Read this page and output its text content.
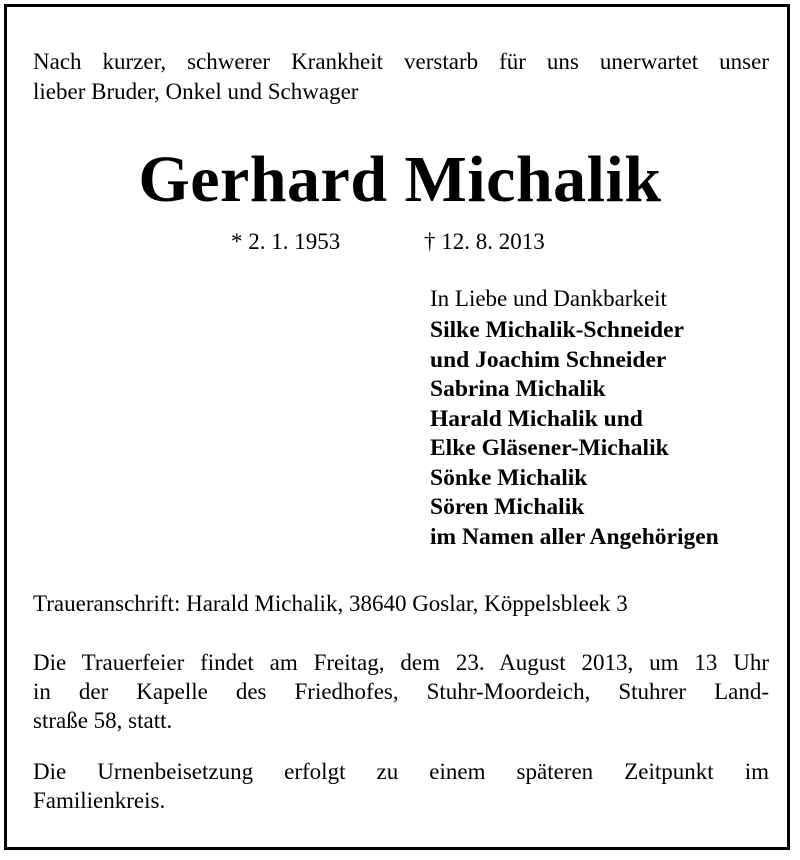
Nach kurzer, schwerer Krankheit verstarb für uns unerwartet unser
lieber Bruder, Onkel und Schwager
Gerhard Michalik
* 2. 1. 1953	† 12. 8. 2013
In Liebe und Dankbarkeit
Silke Michalik-Schneider
und Joachim Schneider
Sabrina Michalik
Harald Michalik und
Elke Gläsener-Michalik
Sönke Michalik
Sören Michalik
im Namen aller Angehörigen
Traueranschrift: Harald Michalik, 38640 Goslar, Köppelsbleek 3
Die Trauerfeier findet am Freitag, dem 23. August 2013, um 13 Uhr
in der Kapelle des Friedhofes, Stuhr-Moordeich, Stuhrer Land-
straße 58, statt.
Die Urnenbeisetzung erfolgt zu einem späteren Zeitpunkt im
Familienkreis.
